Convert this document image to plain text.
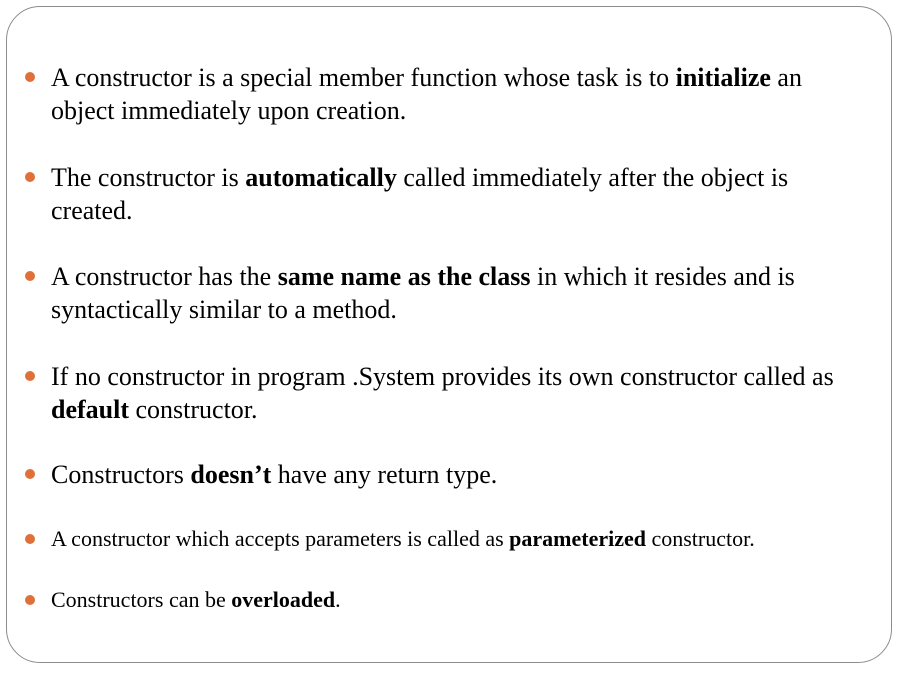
A constructor is a special member function whose task is to initialize an
object immediately upon creation.
The constructor is automatically called immediately after the object is
created.
A constructor has the same name as the class in which it resides and is
syntactically similar to a method.
If no constructor in program .System provides its own constructor called as
default constructor.
Constructors doesn’t have any return type.
A constructor which accepts parameters is called as parameterized constructor.
Constructors can be overloaded.
